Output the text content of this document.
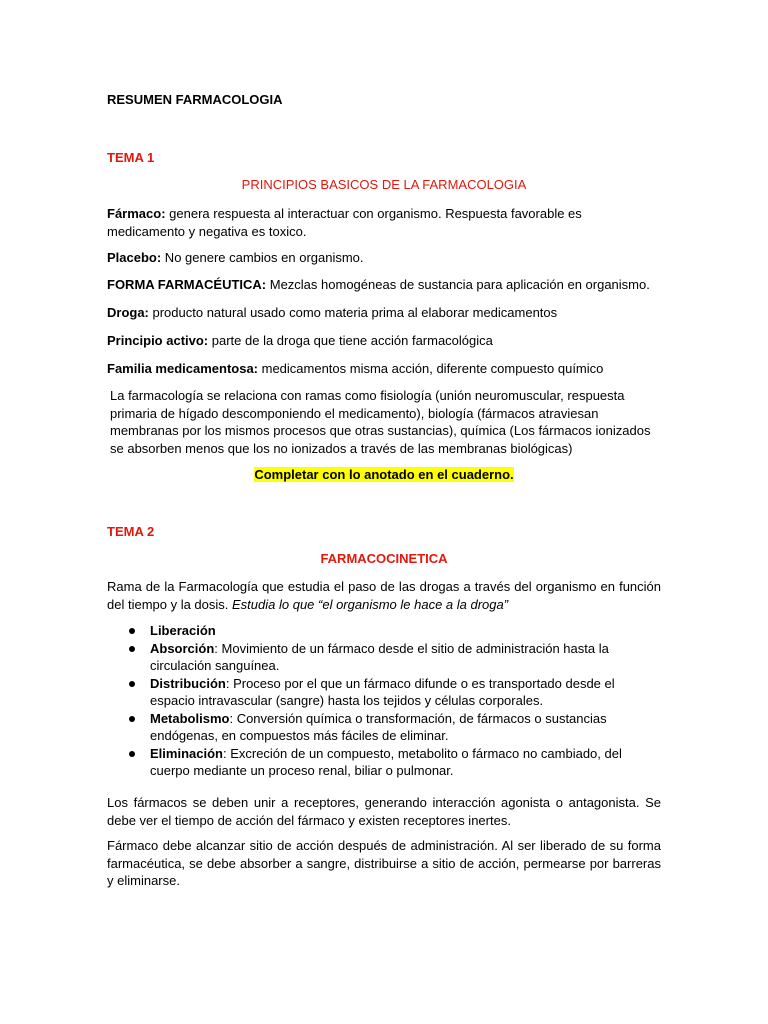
RESUMEN FARMACOLOGIA
TEMA 1
PRINCIPIOS BASICOS DE LA FARMACOLOGIA
Fármaco: genera respuesta al interactuar con organismo. Respuesta favorable es medicamento y negativa es toxico.
Placebo: No genere cambios en organismo.
FORMA FARMACÉUTICA: Mezclas homogéneas de sustancia para aplicación en organismo.
Droga: producto natural usado como materia prima al elaborar medicamentos
Principio activo: parte de la droga que tiene acción farmacológica
Familia medicamentosa: medicamentos misma acción, diferente compuesto químico
La farmacología se relaciona con ramas como fisiología (unión neuromuscular, respuesta primaria de hígado descomponiendo el medicamento), biología (fármacos atraviesan membranas por los mismos procesos que otras sustancias), química (Los fármacos ionizados se absorben menos que los no ionizados a través de las membranas biológicas)
Completar con lo anotado en el cuaderno.
TEMA 2
FARMACOCINETICA
Rama de la Farmacología que estudia el paso de las drogas a través del organismo en función del tiempo y la dosis. Estudia lo que “el organismo le hace a la droga”
Liberación
Absorción: Movimiento de un fármaco desde el sitio de administración hasta la circulación sanguínea.
Distribución: Proceso por el que un fármaco difunde o es transportado desde el espacio intravascular (sangre) hasta los tejidos y células corporales.
Metabolismo: Conversión química o transformación, de fármacos o sustancias endógenas, en compuestos más fáciles de eliminar.
Eliminación: Excreción de un compuesto, metabolito o fármaco no cambiado, del cuerpo mediante un proceso renal, biliar o pulmonar.
Los fármacos se deben unir a receptores, generando interacción agonista o antagonista. Se debe ver el tiempo de acción del fármaco y existen receptores inertes.
Fármaco debe alcanzar sitio de acción después de administración. Al ser liberado de su forma farmacéutica, se debe absorber a sangre, distribuirse a sitio de acción, permearse por barreras y eliminarse.
